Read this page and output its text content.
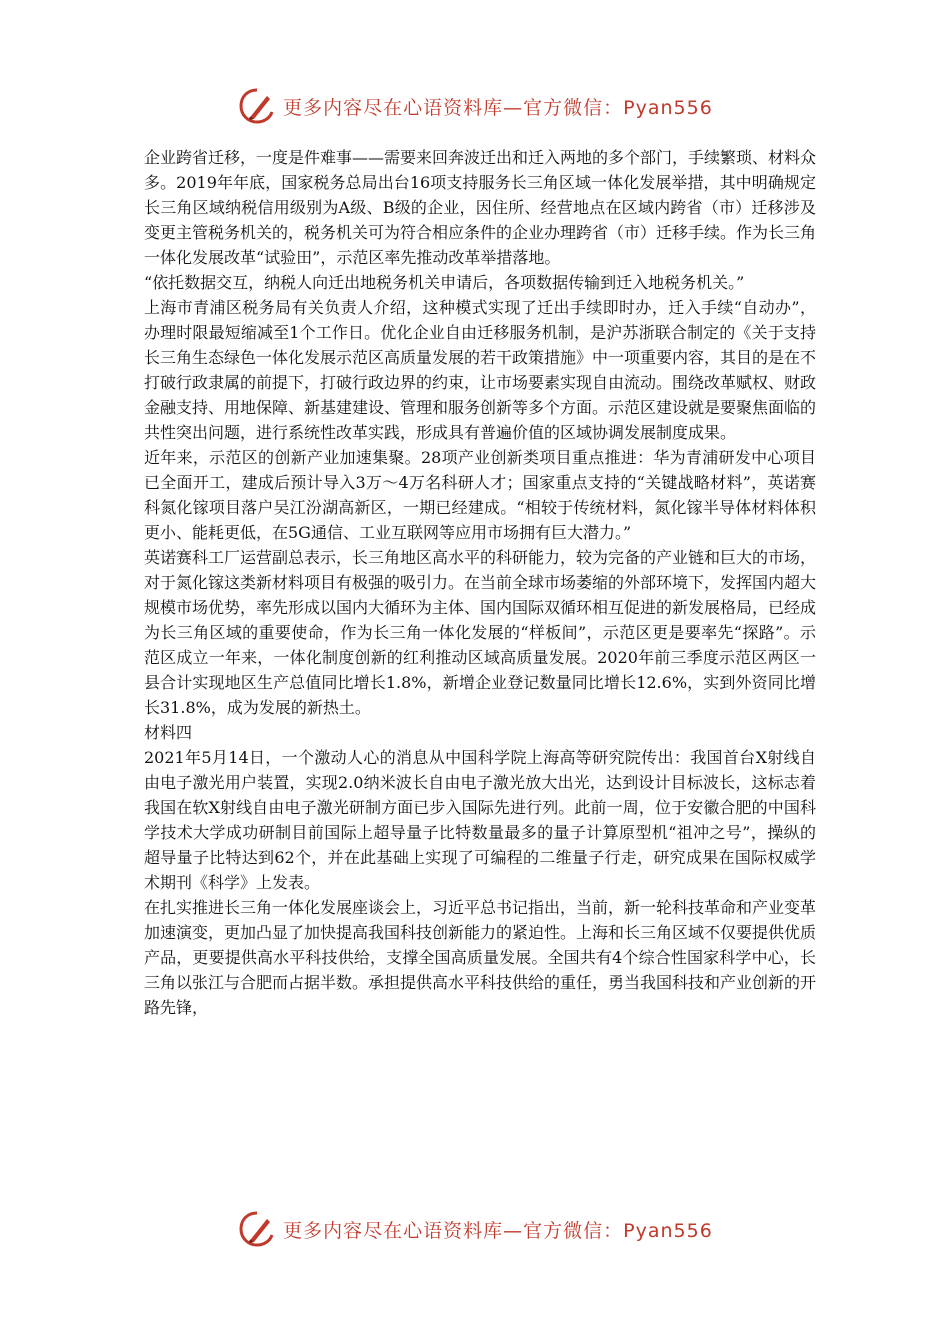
更多内容尽在心语资料库—官方微信：Pyan556

企业跨省迁移，一度是件难事——需要来回奔波迁出和迁入两地的多个部门，手续繁琐、材料众多。2019年年底，国家税务总局出台16项支持服务长三角区域一体化发展举措，其中明确规定长三角区域纳税信用级别为A级、B级的企业，因住所、经营地点在区域内跨省（市）迁移涉及变更主管税务机关的，税务机关可为符合相应条件的企业办理跨省（市）迁移手续。作为长三角一体化发展改革“试验田”，示范区率先推动改革举措落地。

“依托数据交互，纳税人向迁出地税务机关申请后，各项数据传输到迁入地税务机关。”

上海市青浦区税务局有关负责人介绍，这种模式实现了迁出手续即时办，迁入手续“自动办”，办理时限最短缩减至1个工作日。优化企业自由迁移服务机制，是沪苏浙联合制定的《关于支持长三角生态绿色一体化发展示范区高质量发展的若干政策措施》中一项重要内容，其目的是在不打破行政隶属的前提下，打破行政边界的约束，让市场要素实现自由流动。围绕改革赋权、财政金融支持、用地保障、新基建建设、管理和服务创新等多个方面。示范区建设就是要聚焦面临的共性突出问题，进行系统性改革实践，形成具有普遍价值的区域协调发展制度成果。

近年来，示范区的创新产业加速集聚。28项产业创新类项目重点推进：华为青浦研发中心项目已全面开工，建成后预计导入3万～4万名科研人才；国家重点支持的“关键战略材料”，英诺赛科氮化镓项目落户吴江汾湖高新区，一期已经建成。“相较于传统材料，氮化镓半导体材料体积更小、能耗更低，在5G通信、工业互联网等应用市场拥有巨大潜力。”

英诺赛科工厂运营副总表示，长三角地区高水平的科研能力，较为完备的产业链和巨大的市场，对于氮化镓这类新材料项目有极强的吸引力。在当前全球市场萎缩的外部环境下，发挥国内超大规模市场优势，率先形成以国内大循环为主体、国内国际双循环相互促进的新发展格局，已经成为长三角区域的重要使命，作为长三角一体化发展的“样板间”，示范区更是要率先“探路”。示范区成立一年来，一体化制度创新的红利推动区域高质量发展。2020年前三季度示范区两区一县合计实现地区生产总值同比增长1.8%，新增企业登记数量同比增长12.6%，实到外资同比增长31.8%，成为发展的新热土。

材料四

2021年5月14日，一个激动人心的消息从中国科学院上海高等研究院传出：我国首台X射线自由电子激光用户装置，实现2.0纳米波长自由电子激光放大出光，达到设计目标波长，这标志着我国在软X射线自由电子激光研制方面已步入国际先进行列。此前一周，位于安徽合肥的中国科学技术大学成功研制目前国际上超导量子比特数量最多的量子计算原型机“祖冲之号”，操纵的超导量子比特达到62个，并在此基础上实现了可编程的二维量子行走，研究成果在国际权威学术期刊《科学》上发表。

在扎实推进长三角一体化发展座谈会上，习近平总书记指出，当前，新一轮科技革命和产业变革加速演变，更加凸显了加快提高我国科技创新能力的紧迫性。上海和长三角区域不仅要提供优质产品，更要提供高水平科技供给，支撑全国高质量发展。全国共有4个综合性国家科学中心，长三角以张江与合肥而占据半数。承担提供高水平科技供给的重任，勇当我国科技和产业创新的开路先锋，

更多内容尽在心语资料库—官方微信：Pyan556
